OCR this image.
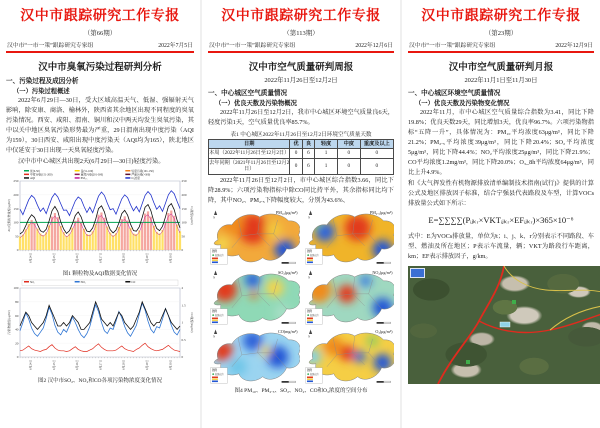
汉中市跟踪研究工作专报
（第66期）
汉中市“一市一策”跟踪研究专家组	2022年7月5日
汉中市臭氧污染过程研判分析

一、污染过程及成因分析

（一）污染过程概述

2022年6月29日—30日，受大区域高温天气、低湿、强辐射天气影响，除安康、商洛、榆林外，陕西省其余地区出现不同程度的臭氧污染情况。西安、咸阳、渭南、铜川和汉中两天均发生臭氧污染，其中以关中地区臭氧污染形势最为严重，29日渭南出现中度污染（AQI为159），30日西安、咸阳出现中度污染天（AQI均为165），陕北地区中仅延安于30日出现一天臭氧轻度污染。

汉中市中心城区共出现2天(6月29日—30日)轻度污染。

0
50
100
150
200
250
0
50
100
150
200
250
6月24日	6月25日	6月26日	6月27日	6月28日	6月29日	6月30日
优(0-50)	良(51-100)	轻度污染(101-150)
中度污染(151-200)	重度污染(201-300)	严重污染(>300)
AQI	PM₂.₅	O₃浓度
AQI及颗粒物浓度(μg/m³)	O₃浓度(μg/m³)
图1 颗粒物及AQI数据变化情况
0
20
40
60
80
100
0
0.5
1
1.5
2
6月24日	6月25日	6月26日	6月27日	6月28日	6月29日	6月30日
SO₂	NO₂	CO
污染物浓度(μg/m³)	CO浓度(mg/m³)
图2 汉中市SO₂、NO₂和CO各项污染物浓度变化情况
汉中市跟踪研究工作专报
（第113期）
汉中市“一市一策”跟踪研究专家组	2022年12月6日
汉中市空气质量研判周报
2022年11月26日至12月2日

一、中心城区空气质量情况

（一）优良天数及污染物概况

2022年11月26日至12月2日，我市中心城区环境空气质量良6天，轻度污染1天，空气质量优良率85.7%。

表1 中心城区2022年11月26日至12月2日环境空气质量天数
日期	优	良	轻度	中度	重度及以上
本周（2022年11月26日至12月2日）	0	6	1	0	0
去年同期（2021年11月26日至12月2日）	0	6	1	0	0

2022年11月26日至12月2日，市中心城区综合指数3.66，同比下降28.9%；六项污染物指标中除CO同比持平外，其余指标同比均下降，其中NO₂、PM₂.₅下降幅度较大，分别为43.6%、

N
PM₁₀(μg/m³)
图例
监测点位
N
PM₂.₅(μg/m³)
图例
监测点位
N
SO₂(μg/m³)
图例
监测点位
N
NO₂(μg/m³)
图例
监测点位
N
CO(mg/m³)
图例
监测点位
N
O₃(μg/m³)
图例
监测点位
图4 PM₁₀、PM₂.₅、SO₂、NO₂、CO和O₃浓度的空间分布
汉中市跟踪研究工作专报
（第23期）
汉中市“一市一策”跟踪研究专家组	2022年12月9日
汉中市空气质量研判月报
2022年11月1日至11月30日

一、中心城区环境空气质量情况

（一）优良天数及污染物变化情况

2022年11月，市中心城区空气质量综合指数为3.41，同比下降19.8%；优良天数29天，同比增加3天，优良率96.7%。六项污染物指标“五降一升”，具体情况为：PM₁₀平均浓度63μg/m³，同比下降21.2%；PM₂.₅平均浓度39μg/m³，同比下降20.4%；SO₂平均浓度5μg/m³，同比下降44.4%；NO₂平均浓度25μg/m³，同比下降21.9%；CO平均浓度1.2mg/m³，同比下降20.0%；O₃_8h平均浓度64μg/m³，同比上升4.9%。

和《大气挥发性有机物源排放清单编制技术指南(试行)》提供的计算公式及地区排放因子标准，结合宁强县代表路段及车型，计算VOCs排放量公式如下所示：

E=∑∑∑∑(Pᵢⱼₖᵣ×VKTᵢⱼₖᵣ×EFᵢⱼₖᵣ)×365×10⁻⁶

式中：E为VOCs排放量，单位为t；i、j、k、r分别表示不同路段、车型、燃油及所在地区；P表示车流量，辆；VKT为路段行车距离，km；EF表示排放因子，g/km。
